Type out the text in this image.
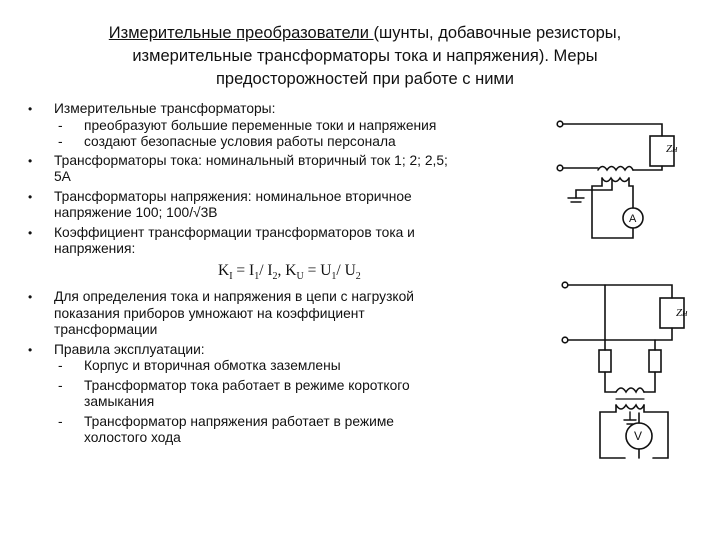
Измерительные преобразователи (шунты, добавочные резисторы,
измерительные трансформаторы тока и напряжения). Меры
предосторожностей при работе с ними
• Измерительные трансформаторы:
- преобразуют большие переменные токи и напряжения
- создают безопасные условия работы персонала
• Трансформаторы тока: номинальный вторичный ток 1; 2; 2,5;
5А
• Трансформаторы напряжения: номинальное вторичное
напряжение 100; 100/√3В
• Коэффициент трансформации трансформаторов тока и
напряжения:
$K_I = I_1/$ $I_2$, $K_U = U_1/$ $U_2$
• Для определения тока и напряжения в цепи с нагрузкой
показания приборов умножают на коэффициент
трансформации
• Правила эксплуатации:
- Корпус и вторичная обмотка заземлены
- Трансформатор тока работает в режиме короткого
замыкания
- Трансформатор напряжения работает в режиме
холостого хода
Zн
A
Zн
V
